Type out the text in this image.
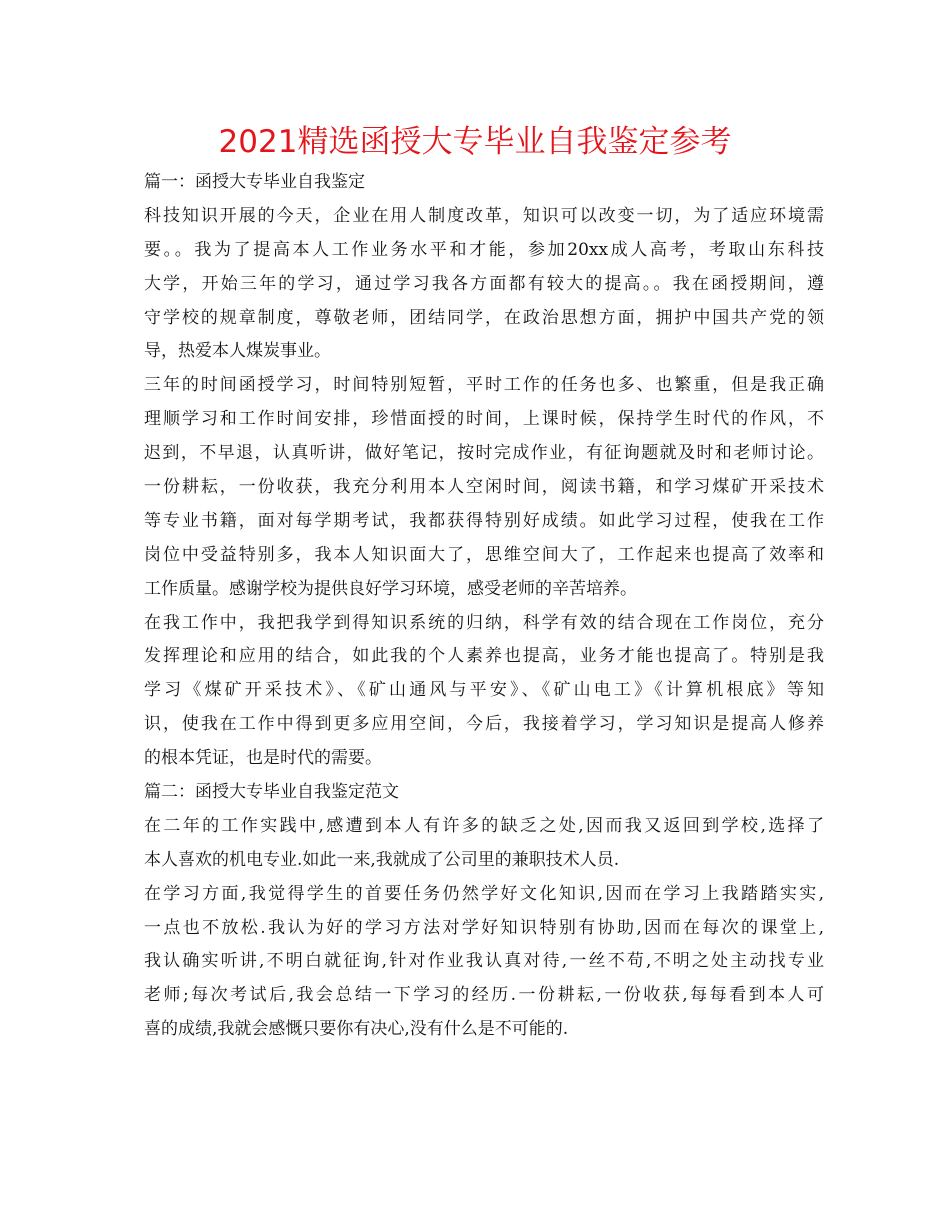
2021精选函授大专毕业自我鉴定参考
篇一：函授大专毕业自我鉴定
科技知识开展的今天，企业在用人制度改革，知识可以改变一切，为了适应环境需
要。。我为了提高本人工作业务水平和才能，参加20xx成人高考，考取山东科技
大学，开始三年的学习，通过学习我各方面都有较大的提高。。我在函授期间，遵
守学校的规章制度，尊敬老师，团结同学，在政治思想方面，拥护中国共产党的领
导，热爱本人煤炭事业。
三年的时间函授学习，时间特别短暂，平时工作的任务也多、也繁重，但是我正确
理顺学习和工作时间安排，珍惜面授的时间，上课时候，保持学生时代的作风，不
迟到，不早退，认真听讲，做好笔记，按时完成作业，有征询题就及时和老师讨论。
一份耕耘，一份收获，我充分利用本人空闲时间，阅读书籍，和学习煤矿开采技术
等专业书籍，面对每学期考试，我都获得特别好成绩。如此学习过程，使我在工作
岗位中受益特别多，我本人知识面大了，思维空间大了，工作起来也提高了效率和
工作质量。感谢学校为提供良好学习环境，感受老师的辛苦培养。
在我工作中，我把我学到得知识系统的归纳，科学有效的结合现在工作岗位，充分
发挥理论和应用的结合，如此我的个人素养也提高，业务才能也提高了。特别是我
学习《煤矿开采技术》、《矿山通风与平安》、《矿山电工》《计算机根底》等知
识，使我在工作中得到更多应用空间，今后，我接着学习，学习知识是提高人修养
的根本凭证，也是时代的需要。
篇二：函授大专毕业自我鉴定范文
在二年的工作实践中,感遭到本人有许多的缺乏之处,因而我又返回到学校,选择了
本人喜欢的机电专业.如此一来,我就成了公司里的兼职技术人员.
在学习方面,我觉得学生的首要任务仍然学好文化知识,因而在学习上我踏踏实实,
一点也不放松.我认为好的学习方法对学好知识特别有协助,因而在每次的课堂上,
我认确实听讲,不明白就征询,针对作业我认真对待,一丝不苟,不明之处主动找专业
老师;每次考试后,我会总结一下学习的经历.一份耕耘,一份收获,每每看到本人可
喜的成绩,我就会感慨只要你有决心,没有什么是不可能的.
